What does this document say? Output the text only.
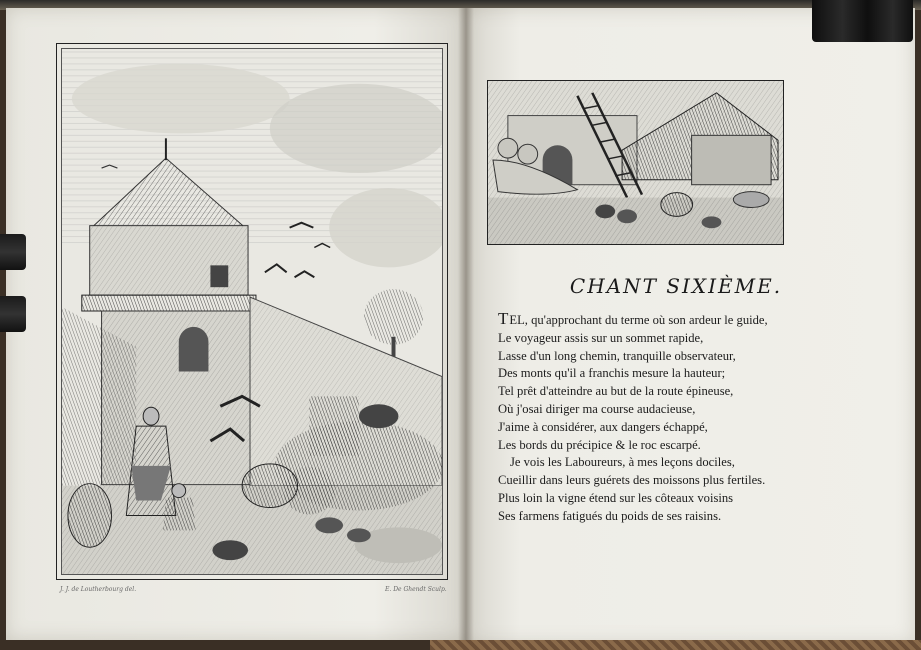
J. J. de Loutherbourg del.	E. De Ghendt Sculp.
CHANT SIXIÈME.
TEL, qu'approchant du terme où son ardeur le guide,
Le voyageur assis sur un sommet rapide,
Lasse d'un long chemin, tranquille observateur,
Des monts qu'il a franchis mesure la hauteur;
Tel prêt d'atteindre au but de la route épineuse,
Où j'osai diriger ma course audacieuse,
J'aime à considérer, aux dangers échappé,
Les bords du précipice & le roc escarpé.
Je vois les Laboureurs, à mes leçons dociles,
Cueillir dans leurs guérets des moissons plus fertiles.
Plus loin la vigne étend sur les côteaux voisins
Ses farmens fatigués du poids de ses raisins.
